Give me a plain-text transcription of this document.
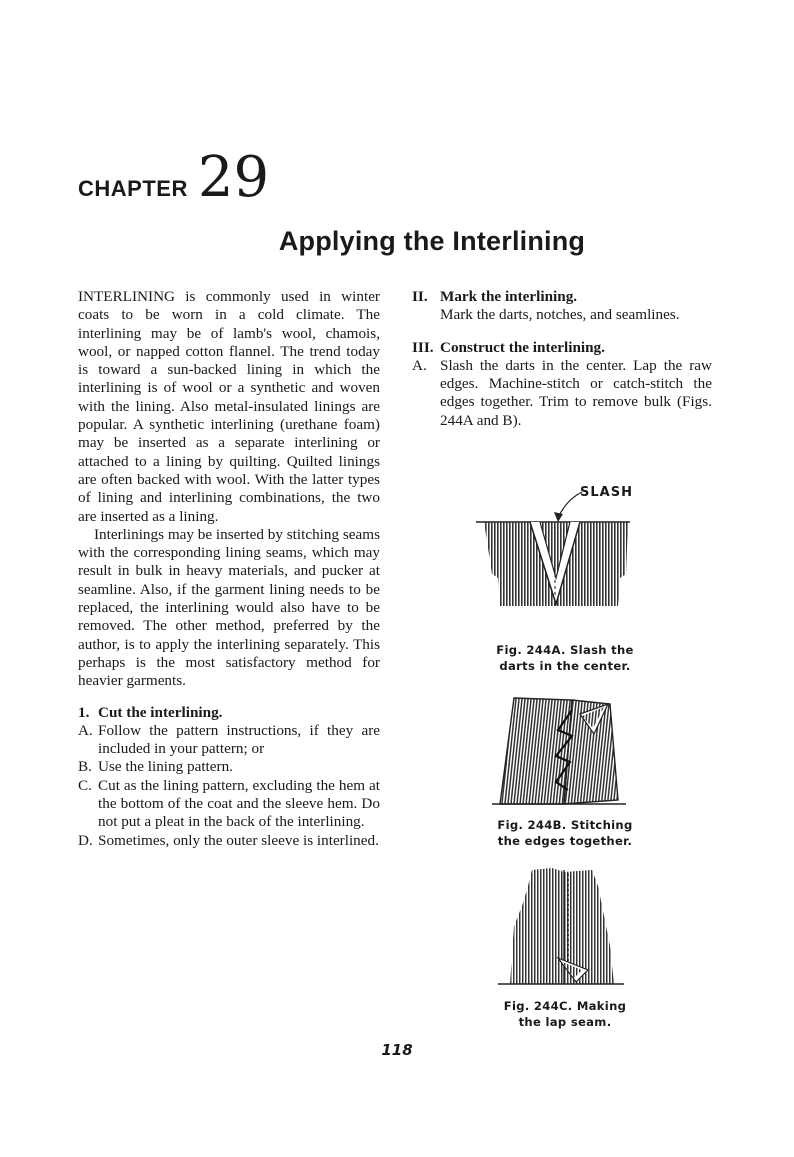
CHAPTER 29
Applying the Interlining

INTERLINING is commonly used in winter coats to be worn in a cold climate. The interlining may be of lamb's wool, chamois, wool, or napped cotton flannel. The trend today is toward a sun-backed lining in which the interlining is of wool or a synthetic and woven with the lining. Also metal-insulated linings are popular. A synthetic interlining (urethane foam) may be inserted as a separate interlining or attached to a lining by quilting. Quilted linings are often backed with wool. With the latter types of lining and interlining combinations, the two are inserted as a lining.

Interlinings may be inserted by stitching seams with the corresponding lining seams, which may result in bulk in heavy materials, and pucker at seamline. Also, if the garment lining needs to be replaced, the interlining would also have to be removed. The other method, preferred by the author, is to apply the interlining separately. This perhaps is the most satisfactory method for heavier garments.

1. Cut the interlining.
A. Follow the pattern instructions, if they are included in your pattern; or
B. Use the lining pattern.
C. Cut as the lining pattern, excluding the hem at the bottom of the coat and the sleeve hem. Do not put a pleat in the back of the interlining.
D. Sometimes, only the outer sleeve is interlined.
II. Mark the interlining.

Mark the darts, notches, and seamlines.

III. Construct the interlining.
A. Slash the darts in the center. Lap the raw edges. Machine-stitch or catch-stitch the edges together. Trim to remove bulk (Figs. 244A and B).
SLASH
Fig. 244A. Slash the
darts in the center.
Fig. 244B. Stitching
the edges together.
Fig. 244C. Making
the lap seam.
118
